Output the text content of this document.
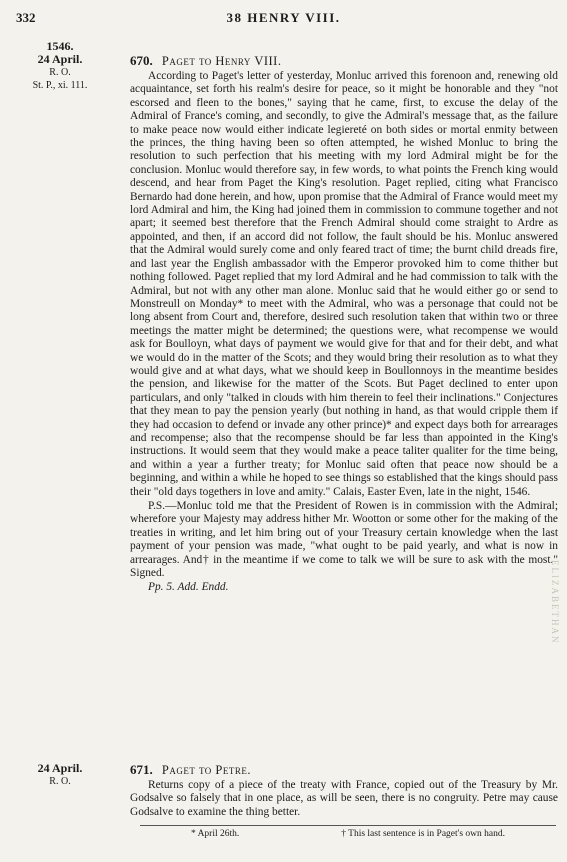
332	38 HENRY VIII.
1546.
24 April.
R. O.
St. P., xi. 111.
670. Paget to Henry VIII.

According to Paget's letter of yesterday, Monluc arrived this forenoon and, renewing old acquaintance, set forth his realm's desire for peace, so it might be honorable and they "not escorsed and fleen to the bones," saying that he came, first, to excuse the delay of the Admiral of France's coming, and secondly, to give the Admiral's message that, as the failure to make peace now would either indicate legiereté on both sides or mortal enmity between the princes, the thing having been so often attempted, he wished Monluc to bring the resolution to such perfection that his meeting with my lord Admiral might be for the conclusion. Monluc would therefore say, in few words, to what points the French king would descend, and hear from Paget the King's resolution. Paget replied, citing what Francisco Bernardo had done herein, and how, upon promise that the Admiral of France would meet my lord Admiral and him, the King had joined them in commission to commune together and not apart; it seemed best therefore that the French Admiral should come straight to Ardre as appointed, and then, if an accord did not follow, the fault should be his. Monluc answered that the Admiral would surely come and only feared tract of time; the burnt child dreads fire, and last year the English ambassador with the Emperor provoked him to come thither but nothing followed. Paget replied that my lord Admiral and he had commission to talk with the Admiral, but not with any other man alone. Monluc said that he would either go or send to Monstreull on Monday* to meet with the Admiral, who was a personage that could not be long absent from Court and, therefore, desired such resolution taken that within two or three meetings the matter might be determined; the questions were, what recompense we would ask for Boulloyn, what days of payment we would give for that and for their debt, and what we would do in the matter of the Scots; and they would bring their resolution as to what they would give and at what days, what we should keep in Boullonnoys in the meantime besides the pension, and likewise for the matter of the Scots. But Paget declined to enter upon particulars, and only "talked in clouds with him therein to feel their inclinations." Conjectures that they mean to pay the pension yearly (but nothing in hand, as that would cripple them if they had occasion to defend or invade any other prince)* and expect days both for arrearages and recompense; also that the recompense should be far less than appointed in the King's instructions. It would seem that they would make a peace taliter qualiter for the time being, and within a year a further treaty; for Monluc said often that peace now should be a beginning, and within a while he hoped to see things so established that the kings should pass their "old days togethers in love and amity." Calais, Easter Even, late in the night, 1546.

P.S.—Monluc told me that the President of Rowen is in commission with the Admiral; wherefore your Majesty may address hither Mr. Wootton or some other for the making of the treaties in writing, and let him bring out of your Treasury certain knowledge when the last payment of your pension was made, "what ought to be paid yearly, and what is now in arrearages. And† in the meantime if we come to talk we will be sure to ask with the most." Signed.

Pp. 5. Add. Endd.
24 April.
R. O.
671. Paget to Petre.

Returns copy of a piece of the treaty with France, copied out of the Treasury by Mr. Godsalve so falsely that in one place, as will be seen, there is no congruity. Petre may cause Godsalve to examine the thing better.

* April 26th.	† This last sentence is in Paget's own hand.
ELIZABETHAN
